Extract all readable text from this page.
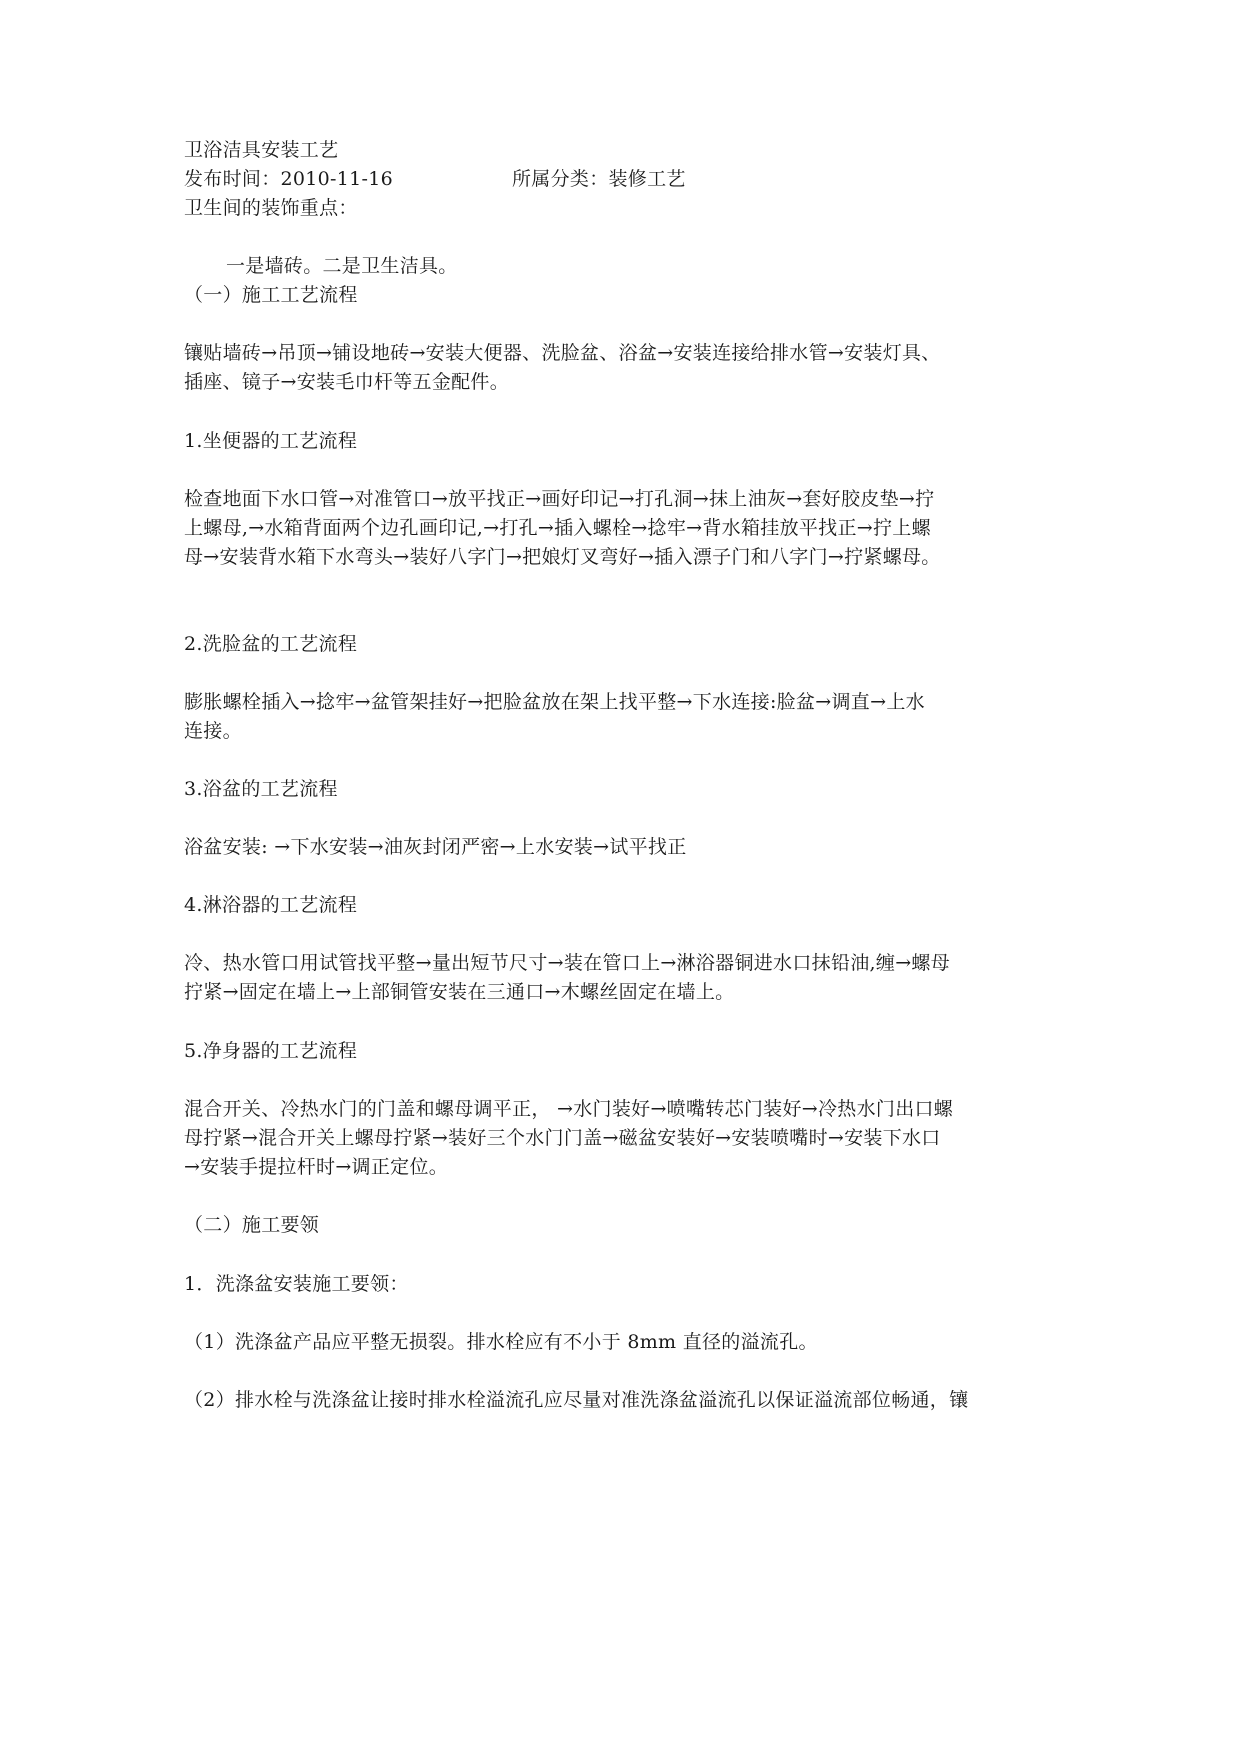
卫浴洁具安装工艺
发布时间：2010-11-16	所属分类：装修工艺
卫生间的装饰重点：
一是墙砖。二是卫生洁具。
（一）施工工艺流程
镶贴墙砖→吊顶→铺设地砖→安装大便器、洗脸盆、浴盆→安装连接给排水管→安装灯具、
插座、镜子→安装毛巾杆等五金配件。
1.坐便器的工艺流程
检查地面下水口管→对准管口→放平找正→画好印记→打孔洞→抹上油灰→套好胶皮垫→拧
上螺母,→水箱背面两个边孔画印记,→打孔→插入螺栓→捻牢→背水箱挂放平找正→拧上螺
母→安装背水箱下水弯头→装好八字门→把娘灯叉弯好→插入漂子门和八字门→拧紧螺母。
2.洗脸盆的工艺流程
膨胀螺栓插入→捻牢→盆管架挂好→把脸盆放在架上找平整→下水连接:脸盆→调直→上水
连接。
3.浴盆的工艺流程
浴盆安装: →下水安装→油灰封闭严密→上水安装→试平找正
4.淋浴器的工艺流程
冷、热水管口用试管找平整→量出短节尺寸→装在管口上→淋浴器铜进水口抹铅油,缠→螺母
拧紧→固定在墙上→上部铜管安装在三通口→木螺丝固定在墙上。
5.净身器的工艺流程
混合开关、冷热水门的门盖和螺母调平正， →水门装好→喷嘴转芯门装好→冷热水门出口螺
母拧紧→混合开关上螺母拧紧→装好三个水门门盖→磁盆安装好→安装喷嘴时→安装下水口
→安装手提拉杆时→调正定位。
（二）施工要领
1．洗涤盆安装施工要领：
（1）洗涤盆产品应平整无损裂。排水栓应有不小于 8mm 直径的溢流孔。
（2）排水栓与洗涤盆让接时排水栓溢流孔应尽量对准洗涤盆溢流孔以保证溢流部位畅通，镶
